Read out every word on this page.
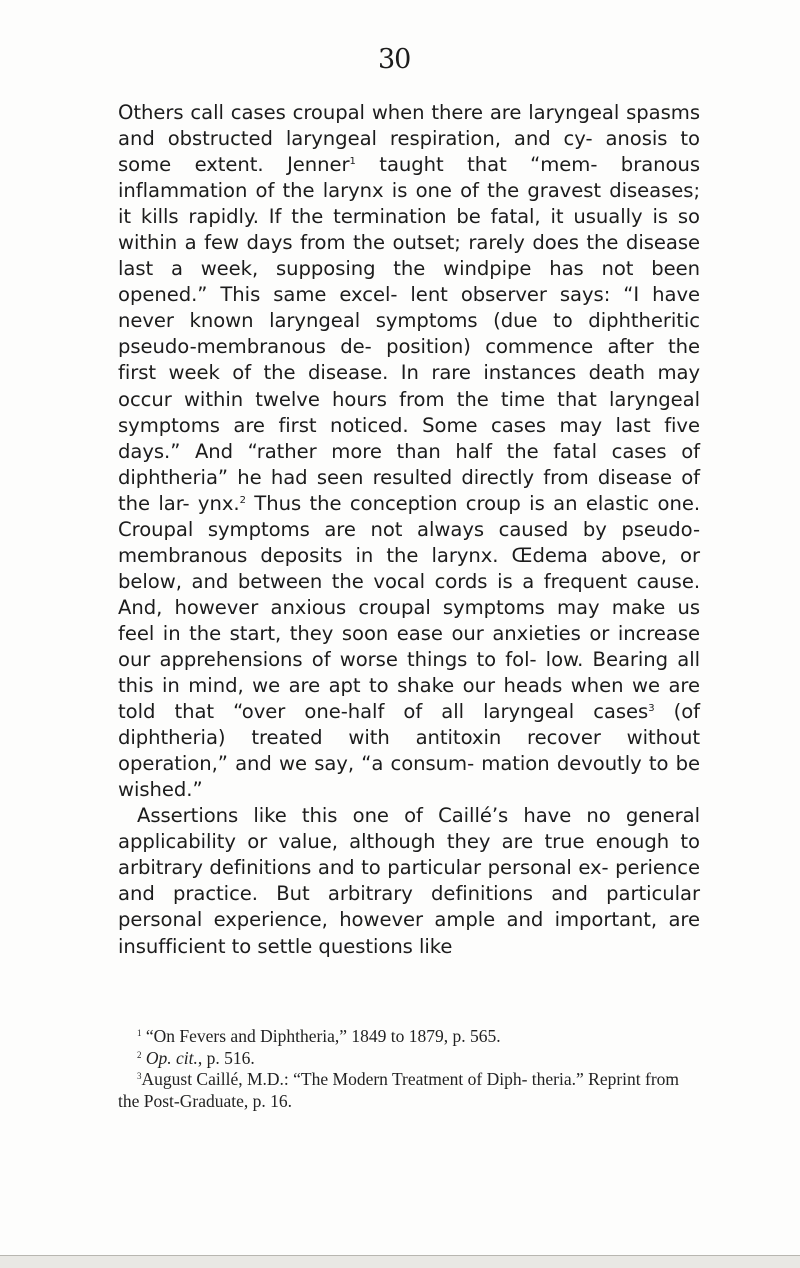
30

Others call cases croupal when there are laryngeal spasms and obstructed laryngeal respiration, and cy- anosis to some extent. Jenner$^1$ taught that “mem- branous inflammation of the larynx is one of the gravest diseases; it kills rapidly. If the termination be fatal, it usually is so within a few days from the outset; rarely does the disease last a week, supposing the windpipe has not been opened.” This same excel- lent observer says: “I have never known laryngeal symptoms (due to diphtheritic pseudo-membranous de- position) commence after the first week of the disease. In rare instances death may occur within twelve hours from the time that laryngeal symptoms are first noticed. Some cases may last five days.” And “rather more than half the fatal cases of diphtheria” he had seen resulted directly from disease of the lar- ynx.$^2$ Thus the conception croup is an elastic one. Croupal symptoms are not always caused by pseudo- membranous deposits in the larynx. Œdema above, or below, and between the vocal cords is a frequent cause. And, however anxious croupal symptoms may make us feel in the start, they soon ease our anxieties or increase our apprehensions of worse things to fol- low. Bearing all this in mind, we are apt to shake our heads when we are told that “over one-half of all laryngeal cases$^3$ (of diphtheria) treated with antitoxin recover without operation,” and we say, “a consum- mation devoutly to be wished.”

Assertions like this one of Caillé’s have no general applicability or value, although they are true enough to arbitrary definitions and to particular personal ex- perience and practice. But arbitrary definitions and particular personal experience, however ample and important, are insufficient to settle questions like

$^1$ “On Fevers and Diphtheria,” 1849 to 1879, p. 565.

$^2$ Op. cit., p. 516.

$^3$August Caillé, M.D.: “The Modern Treatment of Diph- theria.” Reprint from the Post-Graduate, p. 16.
